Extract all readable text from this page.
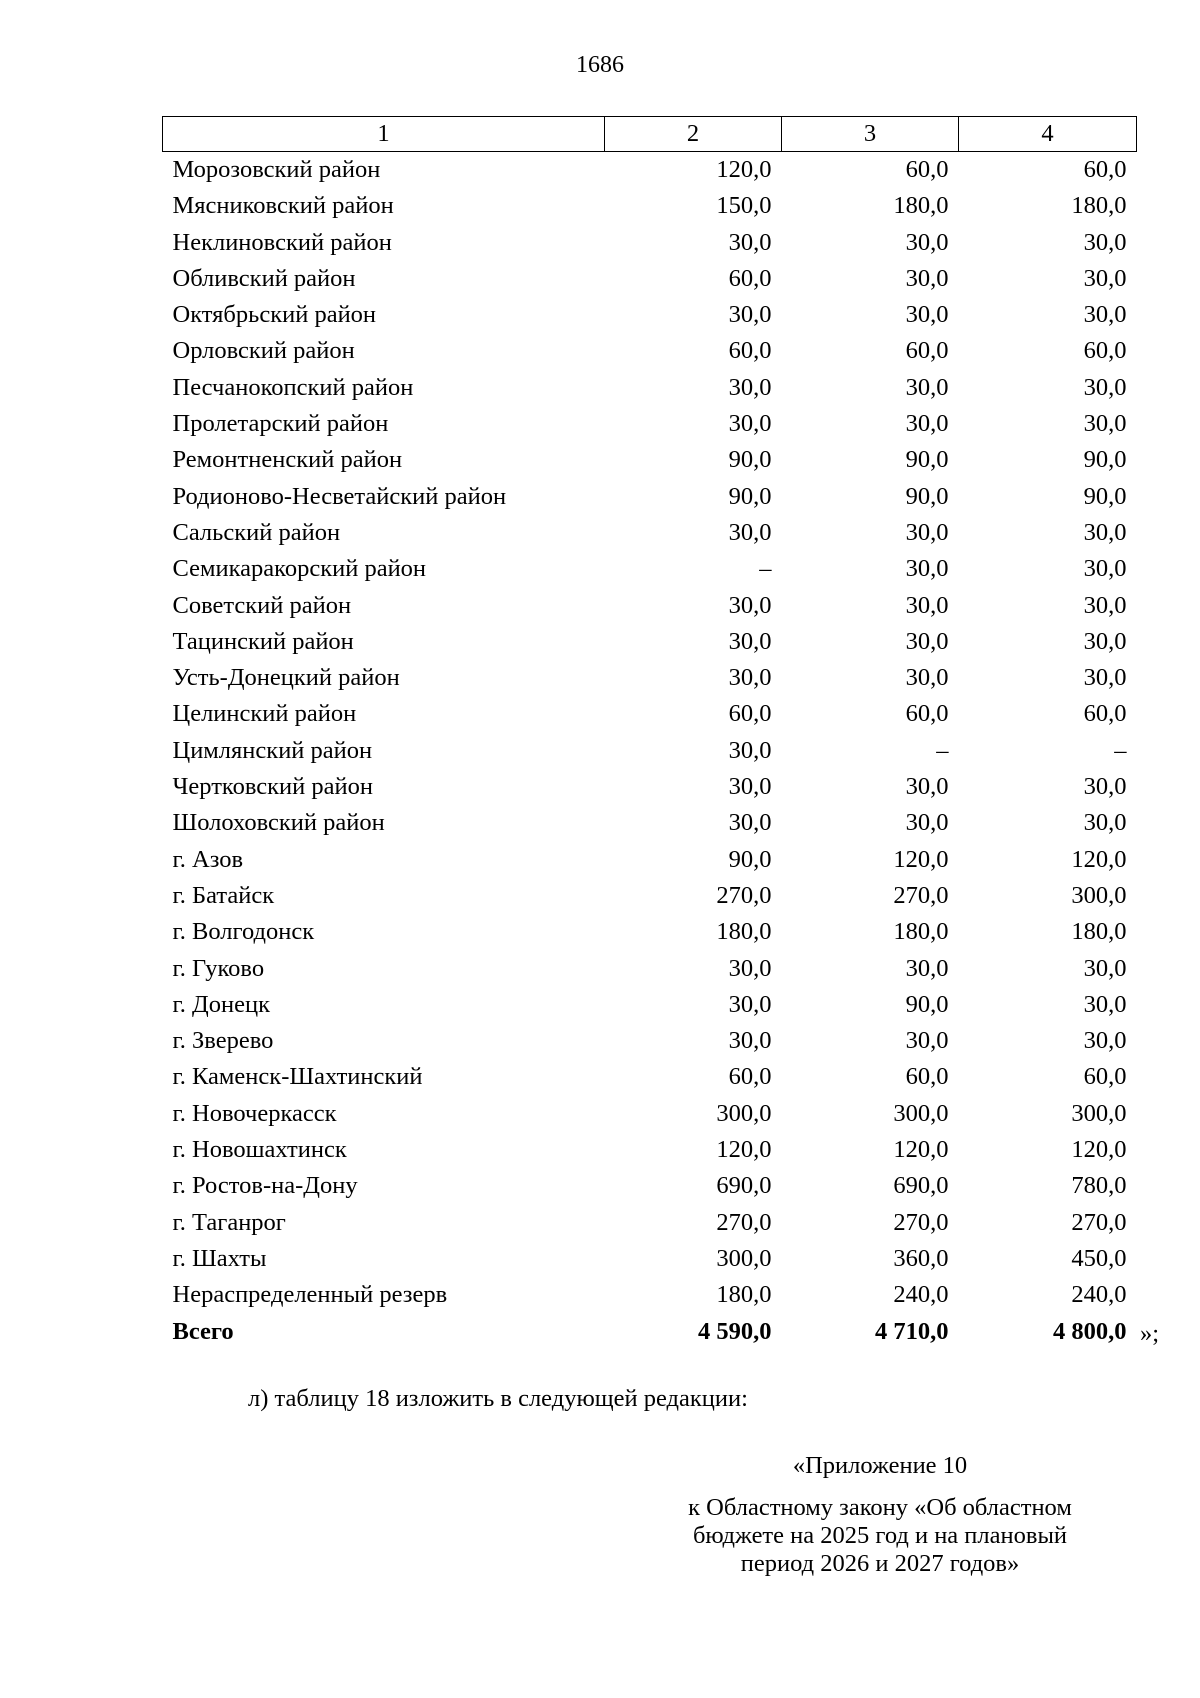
1686
1	2	3	4
Морозовский район	120,0	60,0	60,0
Мясниковский район	150,0	180,0	180,0
Неклиновский район	30,0	30,0	30,0
Обливский район	60,0	30,0	30,0
Октябрьский район	30,0	30,0	30,0
Орловский район	60,0	60,0	60,0
Песчанокопский район	30,0	30,0	30,0
Пролетарский район	30,0	30,0	30,0
Ремонтненский район	90,0	90,0	90,0
Родионово-Несветайский район	90,0	90,0	90,0
Сальский район	30,0	30,0	30,0
Семикаракорский район	–	30,0	30,0
Советский район	30,0	30,0	30,0
Тацинский район	30,0	30,0	30,0
Усть-Донецкий район	30,0	30,0	30,0
Целинский район	60,0	60,0	60,0
Цимлянский район	30,0	–	–
Чертковский район	30,0	30,0	30,0
Шолоховский район	30,0	30,0	30,0
г. Азов	90,0	120,0	120,0
г. Батайск	270,0	270,0	300,0
г. Волгодонск	180,0	180,0	180,0
г. Гуково	30,0	30,0	30,0
г. Донецк	30,0	90,0	30,0
г. Зверево	30,0	30,0	30,0
г. Каменск-Шахтинский	60,0	60,0	60,0
г. Новочеркасск	300,0	300,0	300,0
г. Новошахтинск	120,0	120,0	120,0
г. Ростов-на-Дону	690,0	690,0	780,0
г. Таганрог	270,0	270,0	270,0
г. Шахты	300,0	360,0	450,0
Нераспределенный резерв	180,0	240,0	240,0
Всего	4 590,0	4 710,0	4 800,0 »;
л) таблицу 18 изложить в следующей редакции:
«Приложение 10
к Областному закону «Об областном
бюджете на 2025 год и на плановый
период 2026 и 2027 годов»
